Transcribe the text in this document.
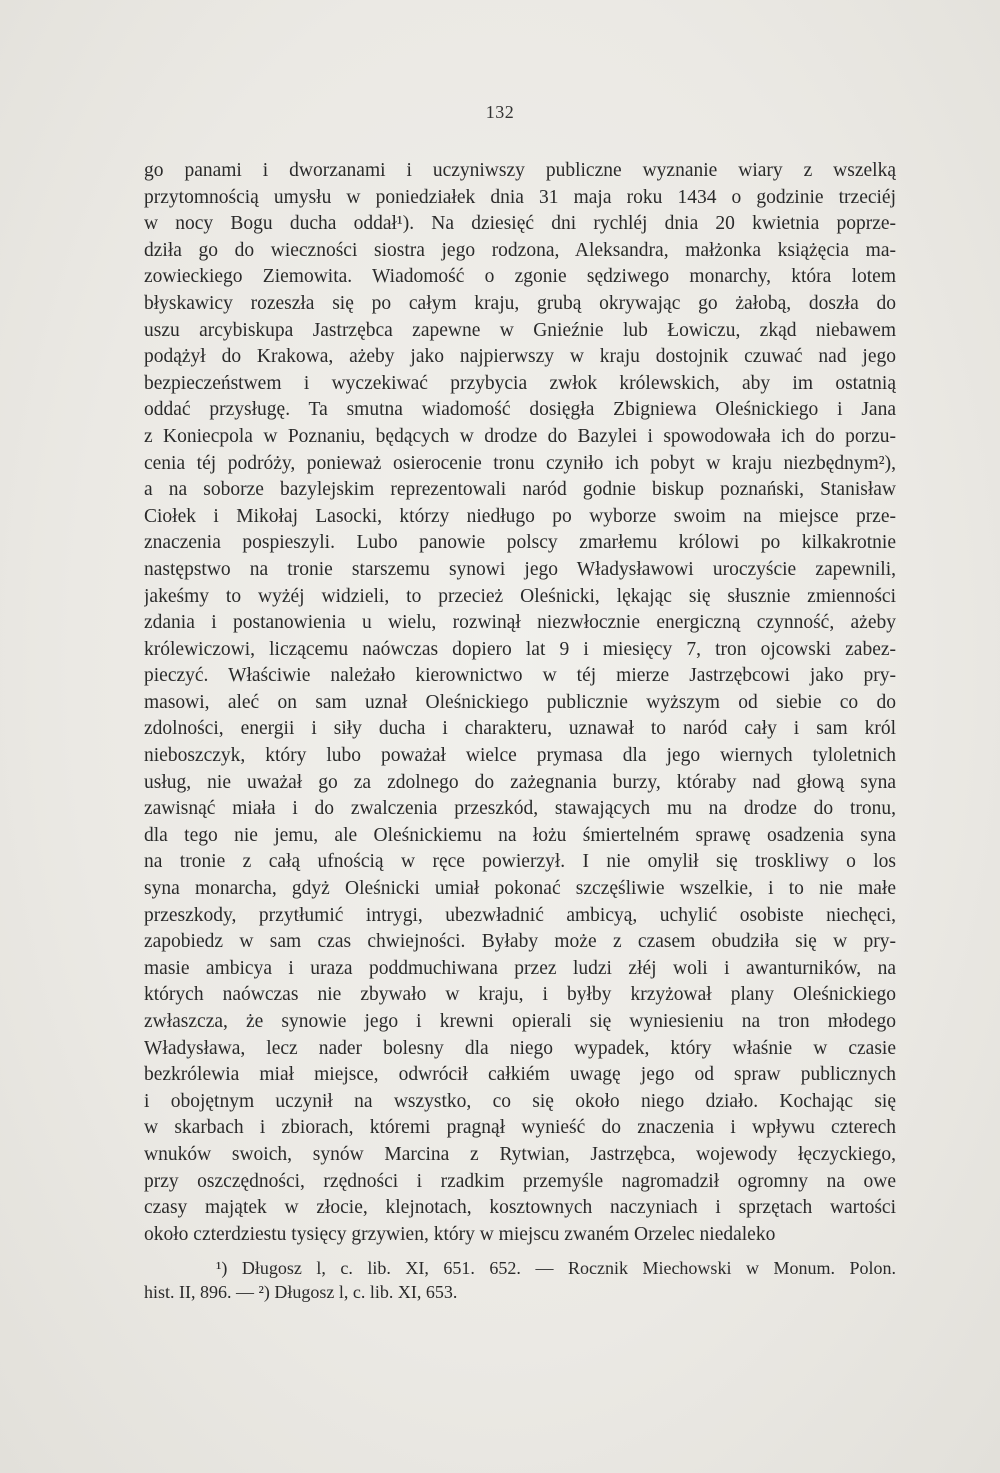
132
go panami i dworzanami i uczyniwszy publiczne wyznanie wiary z wszelką
przytomnością umysłu w poniedziałek dnia 31 maja roku 1434 o godzinie trzeciéj
w nocy Bogu ducha oddał¹). Na dziesięć dni rychléj dnia 20 kwietnia poprze-
dziła go do wieczności siostra jego rodzona, Aleksandra, małżonka książęcia ma-
zowieckiego Ziemowita. Wiadomość o zgonie sędziwego monarchy, która lotem
błyskawicy rozeszła się po całym kraju, grubą okrywając go żałobą, doszła do
uszu arcybiskupa Jastrzębca zapewne w Gnieźnie lub Łowiczu, zkąd niebawem
podążył do Krakowa, ażeby jako najpierwszy w kraju dostojnik czuwać nad jego
bezpieczeństwem i wyczekiwać przybycia zwłok królewskich, aby im ostatnią
oddać przysługę. Ta smutna wiadomość dosięgła Zbigniewa Oleśnickiego i Jana
z Koniecpola w Poznaniu, będących w drodze do Bazylei i spowodowała ich do porzu-
cenia téj podróży, ponieważ osierocenie tronu czyniło ich pobyt w kraju niezbędnym²),
a na soborze bazylejskim reprezentowali naród godnie biskup poznański, Stanisław
Ciołek i Mikołaj Lasocki, którzy niedługo po wyborze swoim na miejsce prze-
znaczenia pospieszyli. Lubo panowie polscy zmarłemu królowi po kilkakrotnie
następstwo na tronie starszemu synowi jego Władysławowi uroczyście zapewnili,
jakeśmy to wyżéj widzieli, to przecież Oleśnicki, lękając się słusznie zmienności
zdania i postanowienia u wielu, rozwinął niezwłocznie energiczną czynność, ażeby
królewiczowi, liczącemu naówczas dopiero lat 9 i miesięcy 7, tron ojcowski zabez-
pieczyć. Właściwie należało kierownictwo w téj mierze Jastrzębcowi jako pry-
masowi, aleć on sam uznał Oleśnickiego publicznie wyższym od siebie co do
zdolności, energii i siły ducha i charakteru, uznawał to naród cały i sam król
nieboszczyk, który lubo poważał wielce prymasa dla jego wiernych tyloletnich
usług, nie uważał go za zdolnego do zażegnania burzy, któraby nad głową syna
zawisnąć miała i do zwalczenia przeszkód, stawających mu na drodze do tronu,
dla tego nie jemu, ale Oleśnickiemu na łożu śmiertelném sprawę osadzenia syna
na tronie z całą ufnością w ręce powierzył. I nie omylił się troskliwy o los
syna monarcha, gdyż Oleśnicki umiał pokonać szczęśliwie wszelkie, i to nie małe
przeszkody, przytłumić intrygi, ubezwładnić ambicyą, uchylić osobiste niechęci,
zapobiedz w sam czas chwiejności. Byłaby może z czasem obudziła się w pry-
masie ambicya i uraza poddmuchiwana przez ludzi złéj woli i awanturników, na
których naówczas nie zbywało w kraju, i byłby krzyżował plany Oleśnickiego
zwłaszcza, że synowie jego i krewni opierali się wyniesieniu na tron młodego
Władysława, lecz nader bolesny dla niego wypadek, który właśnie w czasie
bezkrólewia miał miejsce, odwrócił całkiém uwagę jego od spraw publicznych
i obojętnym uczynił na wszystko, co się około niego działo. Kochając się
w skarbach i zbiorach, któremi pragnął wynieść do znaczenia i wpływu czterech
wnuków swoich, synów Marcina z Rytwian, Jastrzębca, wojewody łęczyckiego,
przy oszczędności, rzędności i rzadkim przemyśle nagromadził ogromny na owe
czasy majątek w złocie, klejnotach, kosztownych naczyniach i sprzętach wartości
około czterdziestu tysięcy grzywien, który w miejscu zwaném Orzelec niedaleko
¹) Długosz l, c. lib. XI, 651. 652. — Rocznik Miechowski w Monum. Polon.
hist. II, 896. — ²) Długosz l, c. lib. XI, 653.
